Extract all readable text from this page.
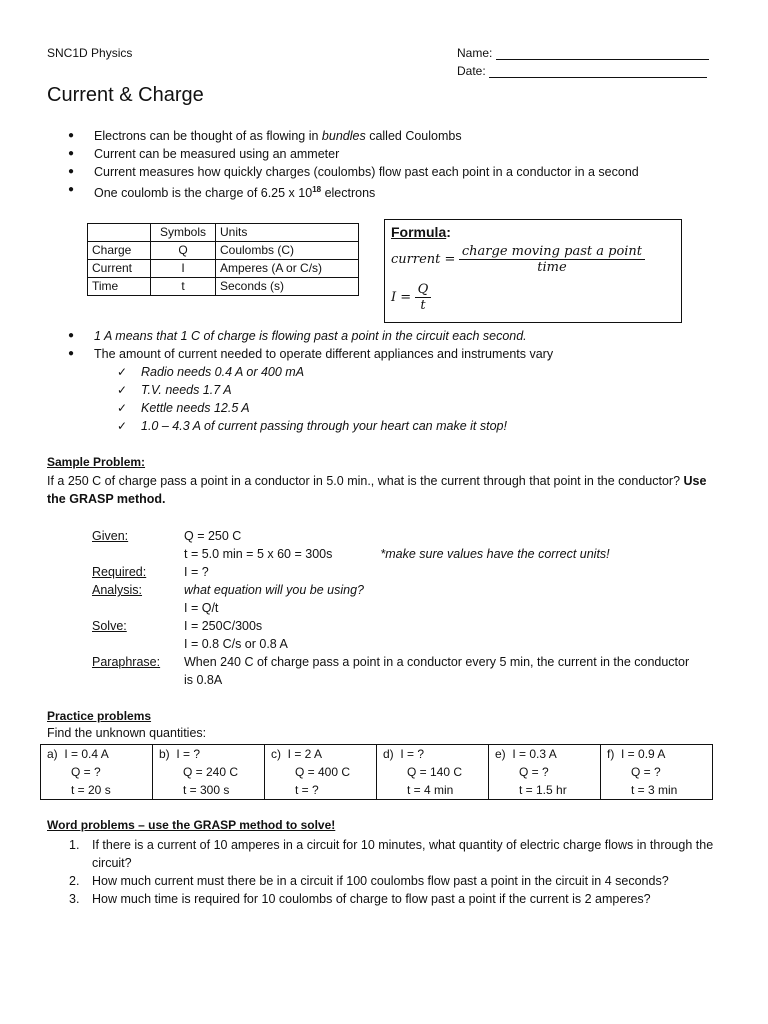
SNC1D Physics	Name:
Date:
Current & Charge
● Electrons can be thought of as flowing in bundles called Coulombs
● Current can be measured using an ammeter
● Current measures how quickly charges (coulombs) flow past each point in a conductor in a second
● One coulomb is the charge of 6.25 x $10^{18}$ electrons
	Symbols	Units
Charge	Q	Coulombs (C)
Current	I	Amperes (A or C/s)
Time	t	Seconds (s)
Formula:
current = $\frac{\text{charge moving past a point}}{\text{time}}$
$I = \frac{Q}{t}$
● 1 A means that 1 C of charge is flowing past a point in the circuit each second.
● The amount of current needed to operate different appliances and instruments vary
✓ Radio needs 0.4 A or 400 mA
✓ T.V. needs 1.7 A
✓ Kettle needs 12.5 A
✓ 1.0 – 4.3 A of current passing through your heart can make it stop!
Sample Problem:
If a 250 C of charge pass a point in a conductor in 5.0 min., what is the current through that point in the conductor? Use the GRASP method.
Given:	Q = 250 C
	t = 5.0 min = 5 x 60 = 300s *make sure values have the correct units!
Required:	I = ?
Analysis:	what equation will you be using?
	I = Q/t
Solve:	I = 250C/300s
	I = 0.8 C/s or 0.8 A
Paraphrase:	When 240 C of charge pass a point in a conductor every 5 min, the current in the conductor is 0.8A
Practice problems
Find the unknown quantities:
a) I = 0.4 A
Q = ?
t = 20 s	b) I = ?
Q = 240 C
t = 300 s	c) I = 2 A
Q = 400 C
t = ?	d) I = ?
Q = 140 C
t = 4 min	e) I = 0.3 A
Q = ?
t = 1.5 hr	f) I = 0.9 A
Q = ?
t = 3 min
Word problems – use the GRASP method to solve!
1. If there is a current of 10 amperes in a circuit for 10 minutes, what quantity of electric charge flows in through the circuit?
2. How much current must there be in a circuit if 100 coulombs flow past a point in the circuit in 4 seconds?
3. How much time is required for 10 coulombs of charge to flow past a point if the current is 2 amperes?
